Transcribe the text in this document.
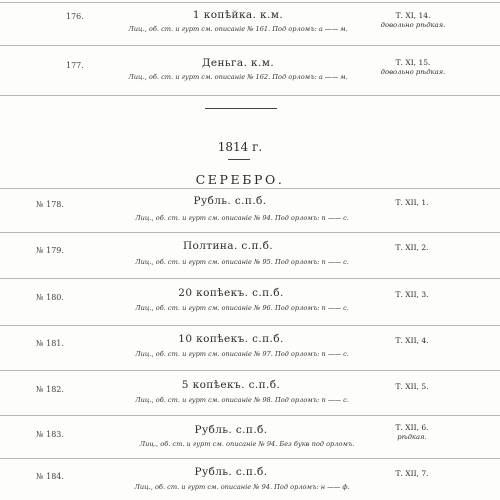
176.	1 копѣйка. к.м.
Лиц., об. ст. и гурт см. описаніе № 161. Под орломъ: а —— м.
Т. XI, 14.
довольно рѣдкая.
177.	Деньга. к.м.
Лиц., об. ст. и гурт см. описаніе № 162. Под орломъ: а —— м.
Т. XI, 15.
довольно рѣдкая.
1814 г.
СЕРЕБРО.
№ 178.	Рубль. с.п.б.
Лиц., об. ст. и гурт см. описаніе № 94. Под орломъ: п —— с.
Т. XII, 1.
№ 179.	Полтина. с.п.б.
Лиц., об. ст. и гурт см. описаніе № 95. Под орломъ: п —— с.
Т. XII, 2.
№ 180.	20 копѣекъ. с.п.б.
Лиц., об. ст. и гурт см. описаніе № 96. Под орломъ: п —— с.
Т. XII, 3.
№ 181.	10 копѣекъ. с.п.б.
Лиц., об. ст. и гурт см. описаніе № 97. Под орломъ: п —— с.
Т. XII, 4.
№ 182.	5 копѣекъ. с.п.б.
Лиц., об. ст. и гурт см. описаніе № 98. Под орломъ: п —— с.
Т. XII, 5.
№ 183.	Рубль. с.п.б.
Лиц., об. ст. и гурт см. описаніе № 94. Без букв под орломъ.
Т. XII, 6.
рѣдкая.
№ 184.	Рубль. с.п.б.
Лиц., об. ст. и гурт см. описаніе № 94. Под орломъ: н —— ф.
Т. XII, 7.
